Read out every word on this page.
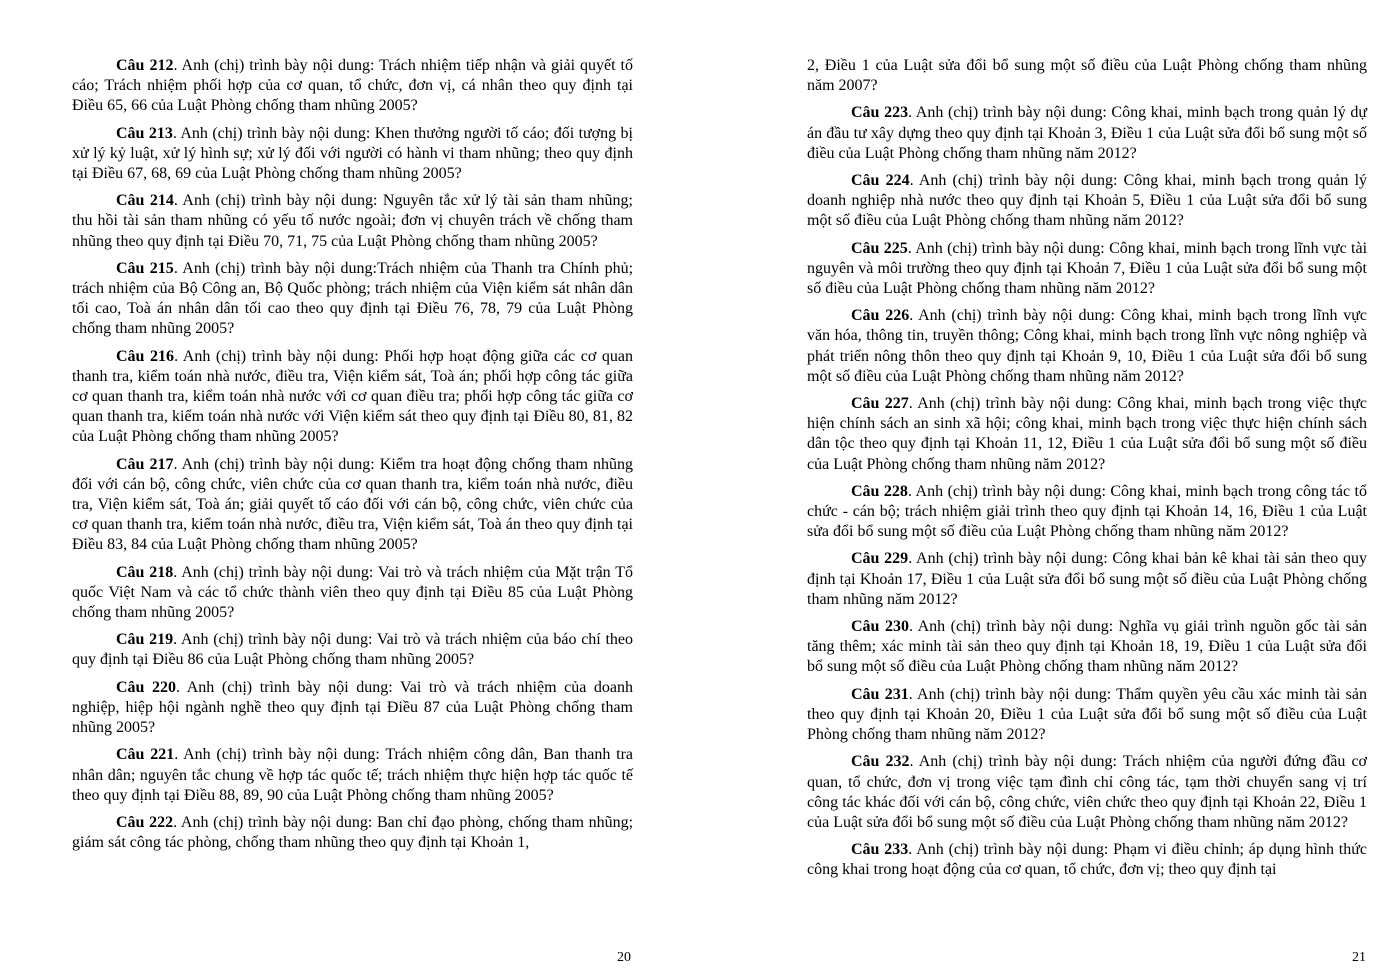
Câu 212. Anh (chị) trình bày nội dung: Trách nhiệm tiếp nhận và giải quyết tố cáo; Trách nhiệm phối hợp của cơ quan, tổ chức, đơn vị, cá nhân theo quy định tại Điều 65, 66 của Luật Phòng chống tham nhũng 2005?

Câu 213. Anh (chị) trình bày nội dung: Khen thưởng người tố cáo; đối tượng bị xử lý kỷ luật, xử lý hình sự; xử lý đối với người có hành vi tham nhũng; theo quy định tại Điều 67, 68, 69 của Luật Phòng chống tham nhũng 2005?

Câu 214. Anh (chị) trình bày nội dung: Nguyên tắc xử lý tài sản tham nhũng; thu hồi tài sản tham nhũng có yếu tố nước ngoài; đơn vị chuyên trách về chống tham nhũng theo quy định tại Điều 70, 71, 75 của Luật Phòng chống tham nhũng 2005?

Câu 215. Anh (chị) trình bày nội dung:Trách nhiệm của Thanh tra Chính phủ; trách nhiệm của Bộ Công an, Bộ Quốc phòng; trách nhiệm của Viện kiểm sát nhân dân tối cao, Toà án nhân dân tối cao theo quy định tại Điều 76, 78, 79 của Luật Phòng chống tham nhũng 2005?

Câu 216. Anh (chị) trình bày nội dung: Phối hợp hoạt động giữa các cơ quan thanh tra, kiểm toán nhà nước, điều tra, Viện kiểm sát, Toà án; phối hợp công tác giữa cơ quan thanh tra, kiểm toán nhà nước với cơ quan điều tra; phối hợp công tác giữa cơ quan thanh tra, kiểm toán nhà nước với Viện kiểm sát theo quy định tại Điều 80, 81, 82 của Luật Phòng chống tham nhũng 2005?

Câu 217. Anh (chị) trình bày nội dung: Kiểm tra hoạt động chống tham nhũng đối với cán bộ, công chức, viên chức của cơ quan thanh tra, kiểm toán nhà nước, điều tra, Viện kiểm sát, Toà án; giải quyết tố cáo đối với cán bộ, công chức, viên chức của cơ quan thanh tra, kiểm toán nhà nước, điều tra, Viện kiểm sát, Toà án theo quy định tại Điều 83, 84 của Luật Phòng chống tham nhũng 2005?

Câu 218. Anh (chị) trình bày nội dung: Vai trò và trách nhiệm của Mặt trận Tổ quốc Việt Nam và các tổ chức thành viên theo quy định tại Điều 85 của Luật Phòng chống tham nhũng 2005?

Câu 219. Anh (chị) trình bày nội dung: Vai trò và trách nhiệm của báo chí theo quy định tại Điều 86 của Luật Phòng chống tham nhũng 2005?

Câu 220. Anh (chị) trình bày nội dung: Vai trò và trách nhiệm của doanh nghiệp, hiệp hội ngành nghề theo quy định tại Điều 87 của Luật Phòng chống tham nhũng 2005?

Câu 221. Anh (chị) trình bày nội dung: Trách nhiệm công dân, Ban thanh tra nhân dân; nguyên tắc chung về hợp tác quốc tế; trách nhiệm thực hiện hợp tác quốc tế theo quy định tại Điều 88, 89, 90 của Luật Phòng chống tham nhũng 2005?

Câu 222. Anh (chị) trình bày nội dung: Ban chỉ đạo phòng, chống tham nhũng; giám sát công tác phòng, chống tham nhũng theo quy định tại Khoản 1,

20

2, Điều 1 của Luật sửa đổi bổ sung một số điều của Luật Phòng chống tham nhũng năm 2007?

Câu 223. Anh (chị) trình bày nội dung: Công khai, minh bạch trong quản lý dự án đầu tư xây dựng theo quy định tại Khoản 3, Điều 1 của Luật sửa đổi bổ sung một số điều của Luật Phòng chống tham nhũng năm 2012?

Câu 224. Anh (chị) trình bày nội dung: Công khai, minh bạch trong quản lý doanh nghiệp nhà nước theo quy định tại Khoản 5, Điều 1 của Luật sửa đổi bổ sung một số điều của Luật Phòng chống tham nhũng năm 2012?

Câu 225. Anh (chị) trình bày nội dung: Công khai, minh bạch trong lĩnh vực tài nguyên và môi trường theo quy định tại Khoản 7, Điều 1 của Luật sửa đổi bổ sung một số điều của Luật Phòng chống tham nhũng năm 2012?

Câu 226. Anh (chị) trình bày nội dung: Công khai, minh bạch trong lĩnh vực văn hóa, thông tin, truyền thông; Công khai, minh bạch trong lĩnh vực nông nghiệp và phát triển nông thôn theo quy định tại Khoản 9, 10, Điều 1 của Luật sửa đổi bổ sung một số điều của Luật Phòng chống tham nhũng năm 2012?

Câu 227. Anh (chị) trình bày nội dung: Công khai, minh bạch trong việc thực hiện chính sách an sinh xã hội; công khai, minh bạch trong việc thực hiện chính sách dân tộc theo quy định tại Khoản 11, 12, Điều 1 của Luật sửa đổi bổ sung một số điều của Luật Phòng chống tham nhũng năm 2012?

Câu 228. Anh (chị) trình bày nội dung: Công khai, minh bạch trong công tác tổ chức - cán bộ; trách nhiệm giải trình theo quy định tại Khoản 14, 16, Điều 1 của Luật sửa đổi bổ sung một số điều của Luật Phòng chống tham nhũng năm 2012?

Câu 229. Anh (chị) trình bày nội dung: Công khai bản kê khai tài sản theo quy định tại Khoản 17, Điều 1 của Luật sửa đổi bổ sung một số điều của Luật Phòng chống tham nhũng năm 2012?

Câu 230. Anh (chị) trình bày nội dung: Nghĩa vụ giải trình nguồn gốc tài sản tăng thêm; xác minh tài sản theo quy định tại Khoản 18, 19, Điều 1 của Luật sửa đổi bổ sung một số điều của Luật Phòng chống tham nhũng năm 2012?

Câu 231. Anh (chị) trình bày nội dung: Thẩm quyền yêu cầu xác minh tài sản theo quy định tại Khoản 20, Điều 1 của Luật sửa đổi bổ sung một số điều của Luật Phòng chống tham nhũng năm 2012?

Câu 232. Anh (chị) trình bày nội dung: Trách nhiệm của người đứng đầu cơ quan, tổ chức, đơn vị trong việc tạm đình chỉ công tác, tạm thời chuyển sang vị trí công tác khác đối với cán bộ, công chức, viên chức theo quy định tại Khoản 22, Điều 1 của Luật sửa đổi bổ sung một số điều của Luật Phòng chống tham nhũng năm 2012?

Câu 233. Anh (chị) trình bày nội dung: Phạm vi điều chỉnh; áp dụng hình thức công khai trong hoạt động của cơ quan, tổ chức, đơn vị; theo quy định tại

21
